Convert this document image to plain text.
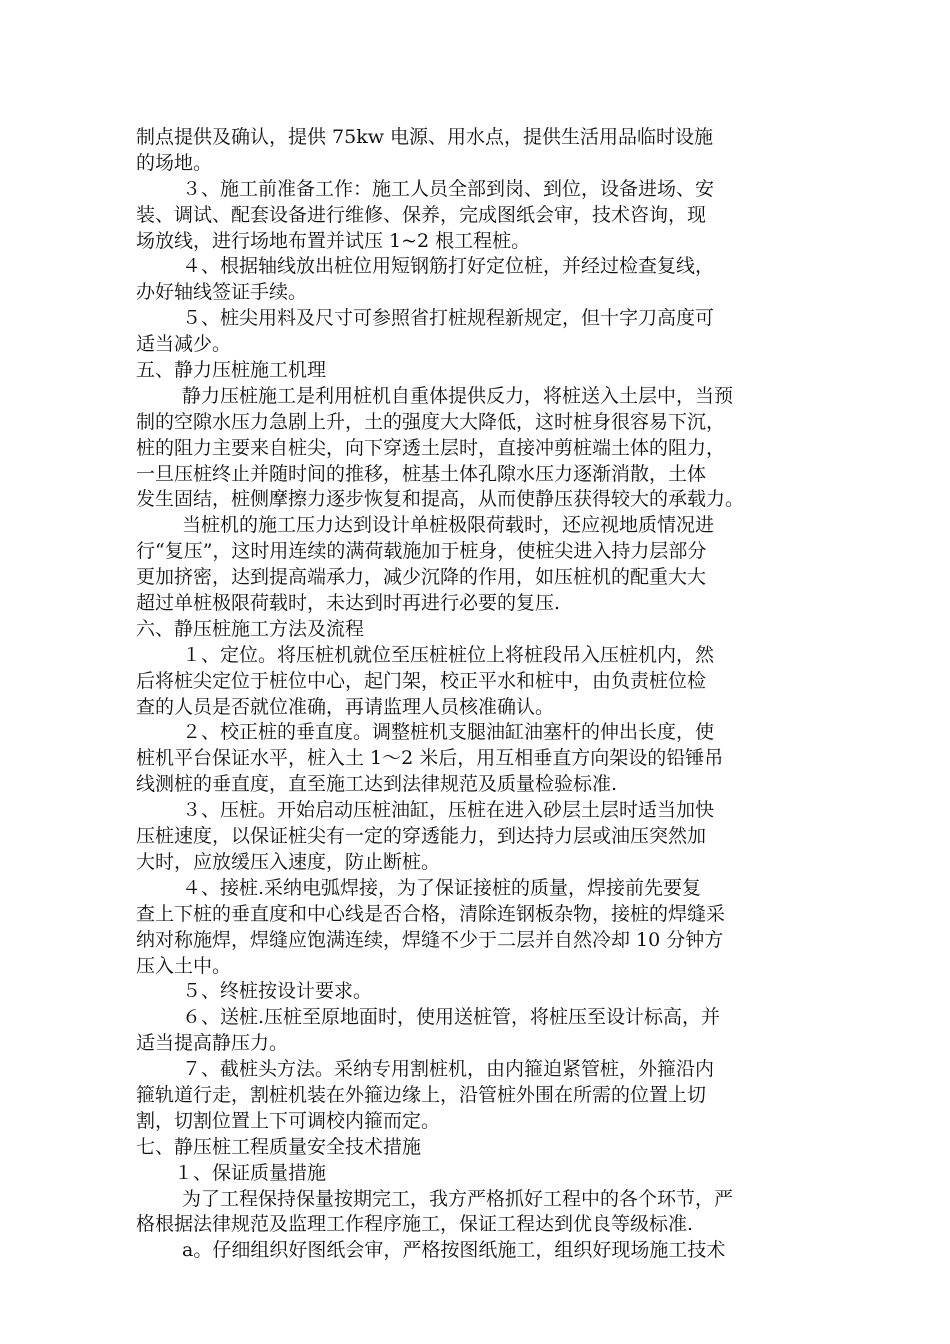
制点提供及确认，提供 75kw 电源、用水点，提供生活用品临时设施
的场地。
３、施工前准备工作：施工人员全部到岗、到位，设备进场、安
装、调试、配套设备进行维修、保养，完成图纸会审，技术咨询，现
场放线，进行场地布置并试压 1~2 根工程桩。
４、根据轴线放出桩位用短钢筋打好定位桩，并经过检查复线，
办好轴线签证手续。
５、桩尖用料及尺寸可参照省打桩规程新规定，但十字刀高度可
适当减少。
五、静力压桩施工机理
静力压桩施工是利用桩机自重体提供反力，将桩送入土层中，当预
制的空隙水压力急剧上升，土的强度大大降低，这时桩身很容易下沉，
桩的阻力主要来自桩尖，向下穿透土层时，直接冲剪桩端土体的阻力，
一旦压桩终止并随时间的推移，桩基土体孔隙水压力逐渐消散，土体
发生固结，桩侧摩擦力逐步恢复和提高，从而使静压获得较大的承载力。
当桩机的施工压力达到设计单桩极限荷载时，还应视地质情况进
行“复压”，这时用连续的满荷载施加于桩身，使桩尖进入持力层部分
更加挤密，达到提高端承力，减少沉降的作用，如压桩机的配重大大
超过单桩极限荷载时，未达到时再进行必要的复压.
六、静压桩施工方法及流程
１、定位。将压桩机就位至压桩桩位上将桩段吊入压桩机内，然
后将桩尖定位于桩位中心，起门架，校正平水和桩中，由负责桩位检
查的人员是否就位准确，再请监理人员核准确认。
２、校正桩的垂直度。调整桩机支腿油缸油塞杆的伸出长度，使
桩机平台保证水平，桩入土 1～2 米后，用互相垂直方向架设的铅锤吊
线测桩的垂直度，直至施工达到法律规范及质量检验标准.
３、压桩。开始启动压桩油缸，压桩在进入砂层土层时适当加快
压桩速度，以保证桩尖有一定的穿透能力，到达持力层或油压突然加
大时，应放缓压入速度，防止断桩。
４、接桩.采纳电弧焊接，为了保证接桩的质量，焊接前先要复
查上下桩的垂直度和中心线是否合格，清除连钢板杂物，接桩的焊缝采
纳对称施焊，焊缝应饱满连续，焊缝不少于二层并自然冷却 10 分钟方
压入土中。
５、终桩按设计要求。
６、送桩.压桩至原地面时，使用送桩管，将桩压至设计标高，并
适当提高静压力。
７、截桩头方法。采纳专用割桩机，由内箍迫紧管桩，外箍沿内
箍轨道行走，割桩机装在外箍边缘上，沿管桩外围在所需的位置上切
割，切割位置上下可调校内箍而定。
七、静压桩工程质量安全技术措施
１、保证质量措施
为了工程保持保量按期完工，我方严格抓好工程中的各个环节，严
格根据法律规范及监理工作程序施工，保证工程达到优良等级标准.
a。仔细组织好图纸会审，严格按图纸施工，组织好现场施工技术
